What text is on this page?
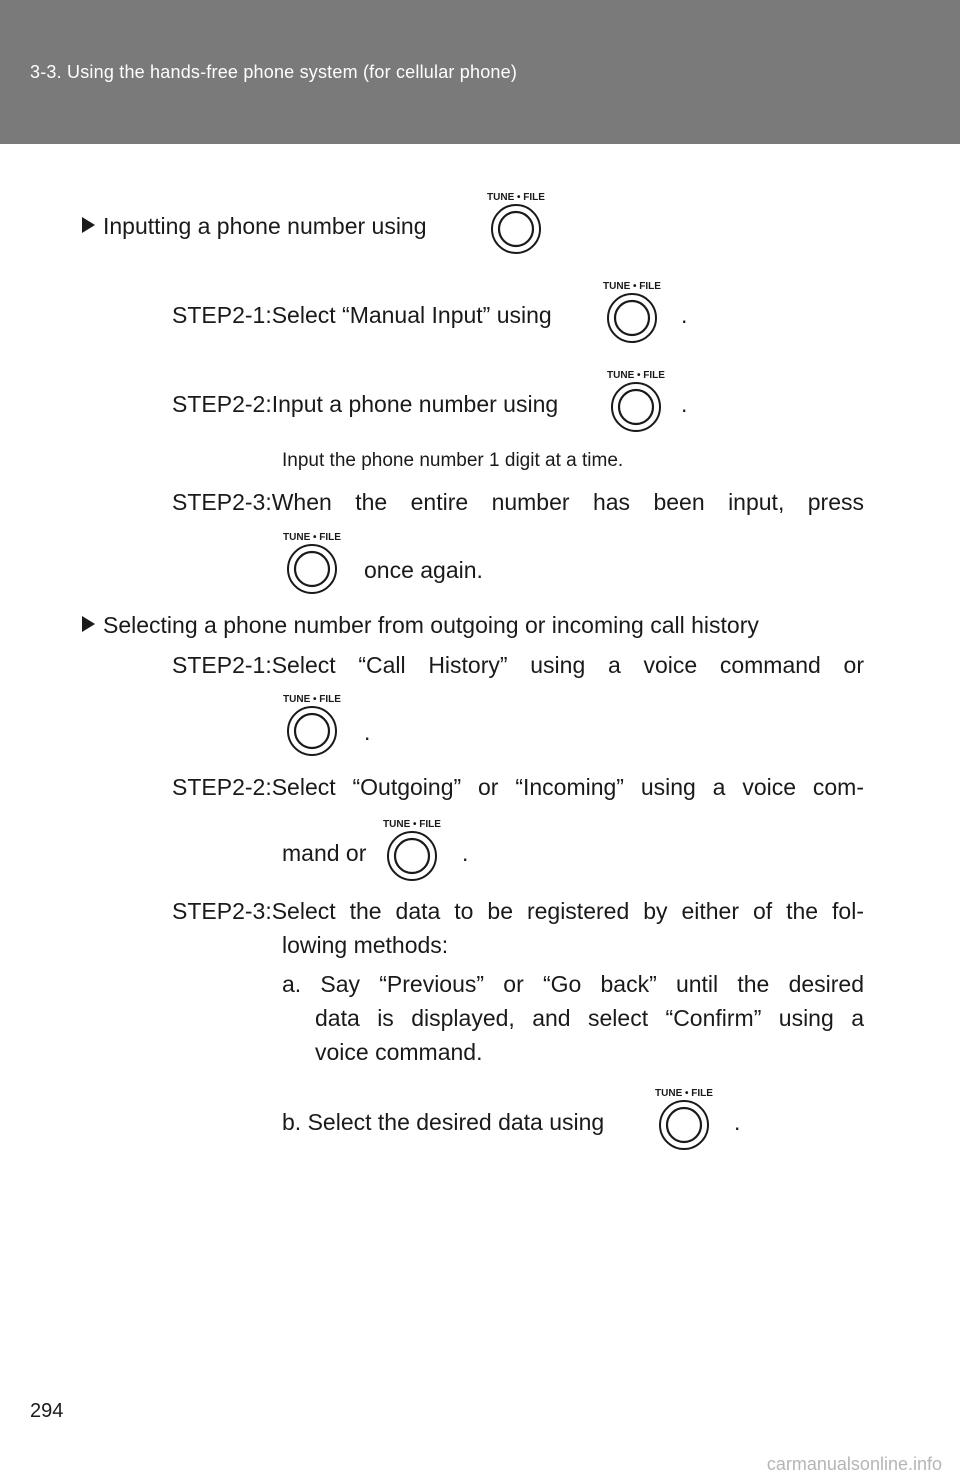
3-3. Using the hands-free phone system (for cellular phone)
Inputting a phone number using
TUNE • FILE
STEP2-1:Select “Manual Input” using
TUNE • FILE
.
STEP2-2:Input a phone number using
TUNE • FILE
.
Input the phone number 1 digit at a time.
STEP2-3:When the entire number has been input, press
TUNE • FILE
once again.
Selecting a phone number from outgoing or incoming call history
STEP2-1:Select “Call History” using a voice command or
TUNE • FILE
.
STEP2-2:Select “Outgoing” or “Incoming” using a voice com-
mand or
TUNE • FILE
.
STEP2-3:Select the data to be registered by either of the fol-
lowing methods:
a. Say “Previous” or “Go back” until the desired
data is displayed, and select “Confirm” using a
voice command.
b. Select the desired data using
TUNE • FILE
.
294
carmanualsonline.info
